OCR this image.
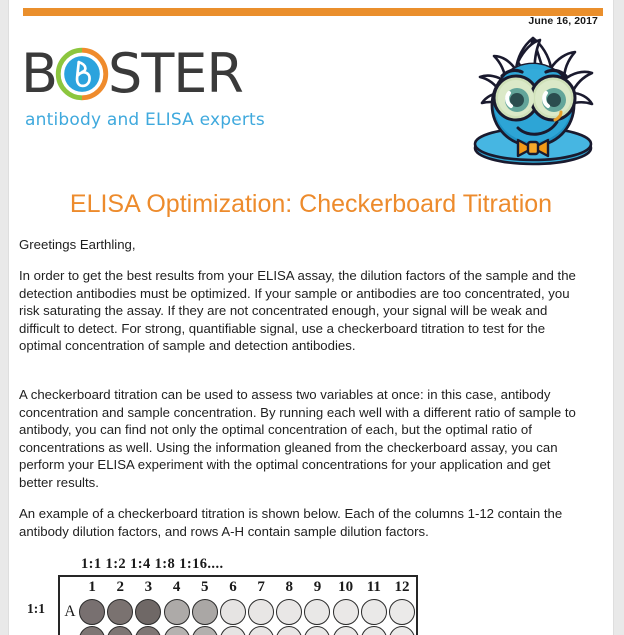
June 16, 2017
B STER
antibody and ELISA experts
ELISA Optimization: Checkerboard Titration
Greetings Earthling,
In order to get the best results from your ELISA assay, the dilution factors of the sample and the detection antibodies must be optimized. If your sample or antibodies are too concentrated, you risk saturating the assay. If they are not concentrated enough, your signal will be weak and difficult to detect. For strong, quantifiable signal, use a checkerboard titration to test for the optimal concentration of sample and detection antibodies.
A checkerboard titration can be used to assess two variables at once: in this case, antibody concentration and sample concentration. By running each well with a different ratio of sample to antibody, you can find not only the optimal concentration of each, but the optimal ratio of concentrations as well. Using the information gleaned from the checkerboard assay, you can perform your ELISA experiment with the optimal concentrations for your application and get better results.
An example of a checkerboard titration is shown below. Each of the columns 1-12 contain the antibody dilution factors, and rows A-H contain sample dilution factors.
1:1 1:2 1:4 1:8 1:16....
1:1
1	2	3	4	5	6	7	8	9	10 11 12
A
